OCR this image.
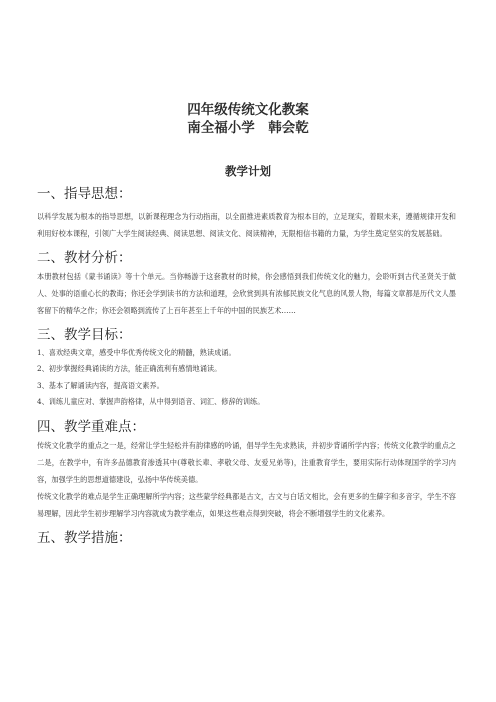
四年级传统文化教案
南全福小学　韩会乾
教学计划
一、指导思想：

以科学发展为根本的指导思想，以新课程理念为行动指南，以全面推进素质教育为根本目的，立足现实，着眼未来，遵循规律开发和利用好校本课程，引领广大学生阅读经典、阅读思想、阅读文化、阅读精神，无限相信书籍的力量，为学生奠定坚实的发展基础。

二、教材分析：

本册教材包括《蒙书诵读》等十个单元。当你畅游于这套教材的时候，你会感悟到我们传统文化的魅力，会聆听到古代圣贤关于做人、处事的语重心长的教诲；你还会学到读书的方法和道理，会欣赏到具有浓郁民族文化气息的风景人物，每篇文章都是历代文人墨客留下的精华之作；你还会领略到流传了上百年甚至上千年的中国的民族艺术……

三、教学目标：

1、喜欢经典文章，感受中华优秀传统文化的精髓，熟读成诵。

2、初步掌握经典诵读的方法，能正确流利有感情地诵读。

3、基本了解诵读内容，提高语文素养。

4、训练儿童应对、掌握声韵格律，从中得到语音、词汇、修辞的训练。

四、教学重难点：

传统文化教学的重点之一是，经常让学生轻松并有韵律感的吟诵，倡导学生先求熟读，并初步背诵所学内容；传统文化教学的重点之二是，在教学中，有许多品德教育渗透其中(尊敬长辈、孝敬父母、友爱兄弟等)，注重教育学生，要用实际行动体现国学的学习内容，加强学生的思想道德建设，弘扬中华传统美德。

传统文化教学的难点是学生正确理解所学内容；这些蒙学经典都是古文，古文与白话文相比，会有更多的生僻字和多音字，学生不容易理解，因此学生初步理解学习内容就成为教学难点，如果这些难点得到突破，将会不断增强学生的文化素养。

五、教学措施：
